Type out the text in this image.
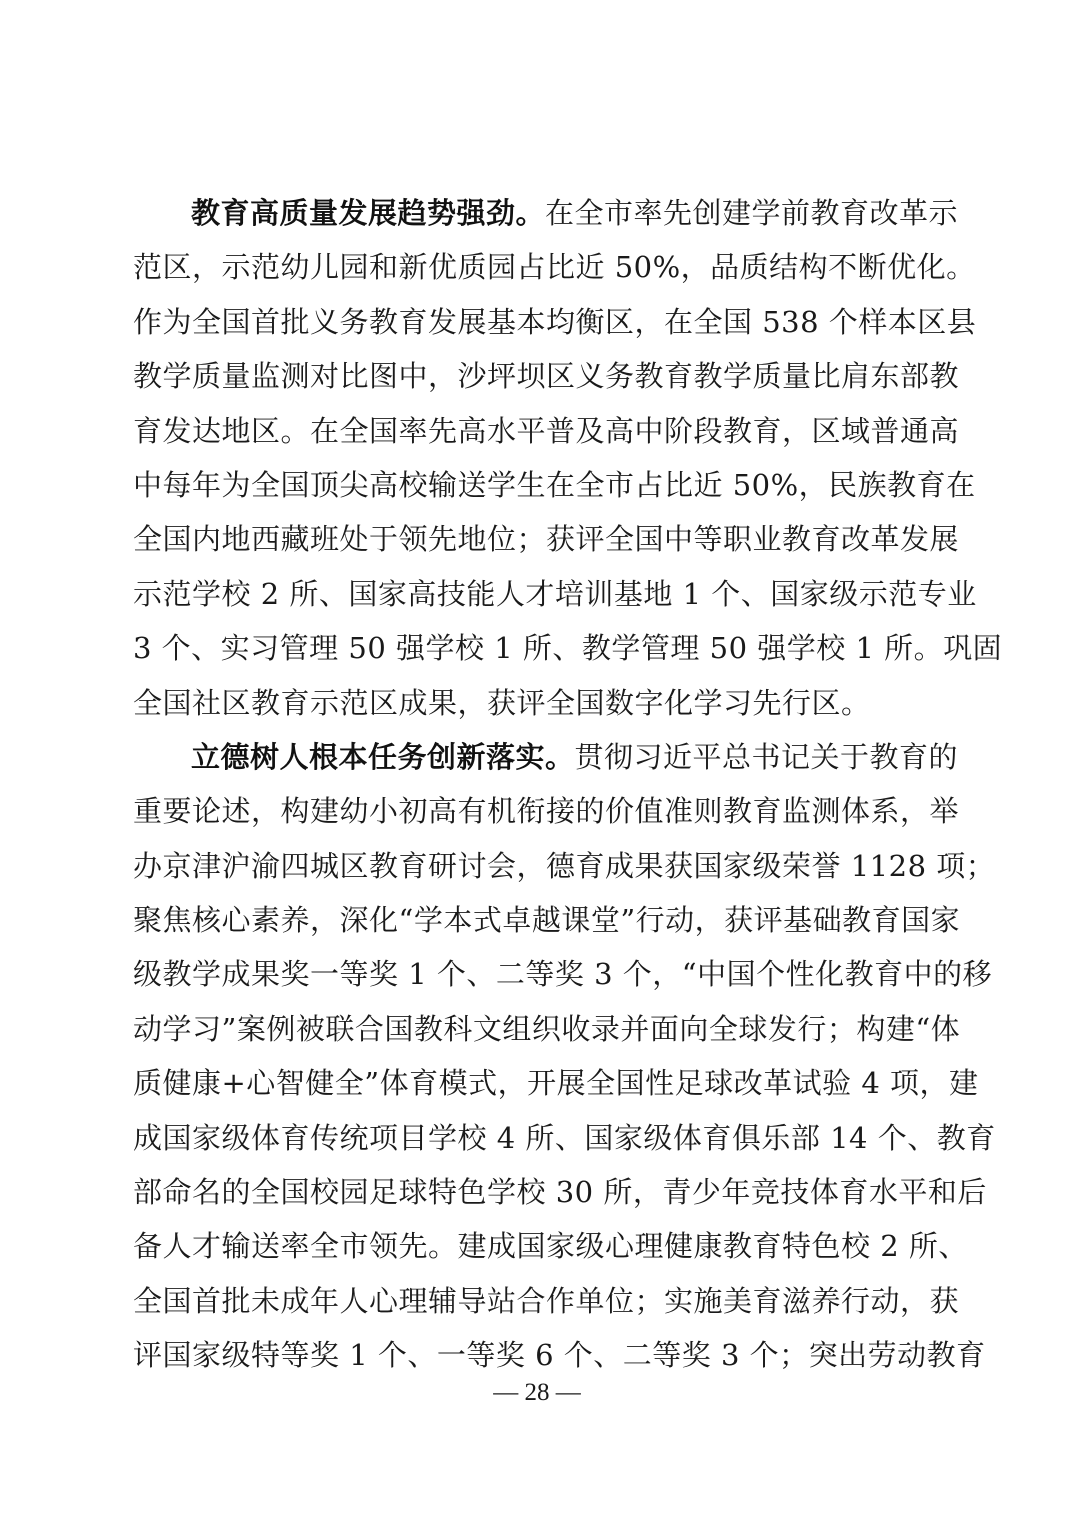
教育高质量发展趋势强劲。在全市率先创建学前教育改革示
范区，示范幼儿园和新优质园占比近 50%，品质结构不断优化。
作为全国首批义务教育发展基本均衡区，在全国 538 个样本区县
教学质量监测对比图中，沙坪坝区义务教育教学质量比肩东部教
育发达地区。在全国率先高水平普及高中阶段教育，区域普通高
中每年为全国顶尖高校输送学生在全市占比近 50%，民族教育在
全国内地西藏班处于领先地位；获评全国中等职业教育改革发展
示范学校 2 所、国家高技能人才培训基地 1 个、国家级示范专业
3 个、实习管理 50 强学校 1 所、教学管理 50 强学校 1 所。巩固
全国社区教育示范区成果，获评全国数字化学习先行区。
立德树人根本任务创新落实。贯彻习近平总书记关于教育的
重要论述，构建幼小初高有机衔接的价值准则教育监测体系，举
办京津沪渝四城区教育研讨会，德育成果获国家级荣誉 1128 项；
聚焦核心素养，深化“学本式卓越课堂”行动，获评基础教育国家
级教学成果奖一等奖 1 个、二等奖 3 个，“中国个性化教育中的移
动学习”案例被联合国教科文组织收录并面向全球发行；构建“体
质健康+心智健全”体育模式，开展全国性足球改革试验 4 项，建
成国家级体育传统项目学校 4 所、国家级体育俱乐部 14 个、教育
部命名的全国校园足球特色学校 30 所，青少年竞技体育水平和后
备人才输送率全市领先。建成国家级心理健康教育特色校 2 所、
全国首批未成年人心理辅导站合作单位；实施美育滋养行动，获
评国家级特等奖 1 个、一等奖 6 个、二等奖 3 个；突出劳动教育
— 28 —
